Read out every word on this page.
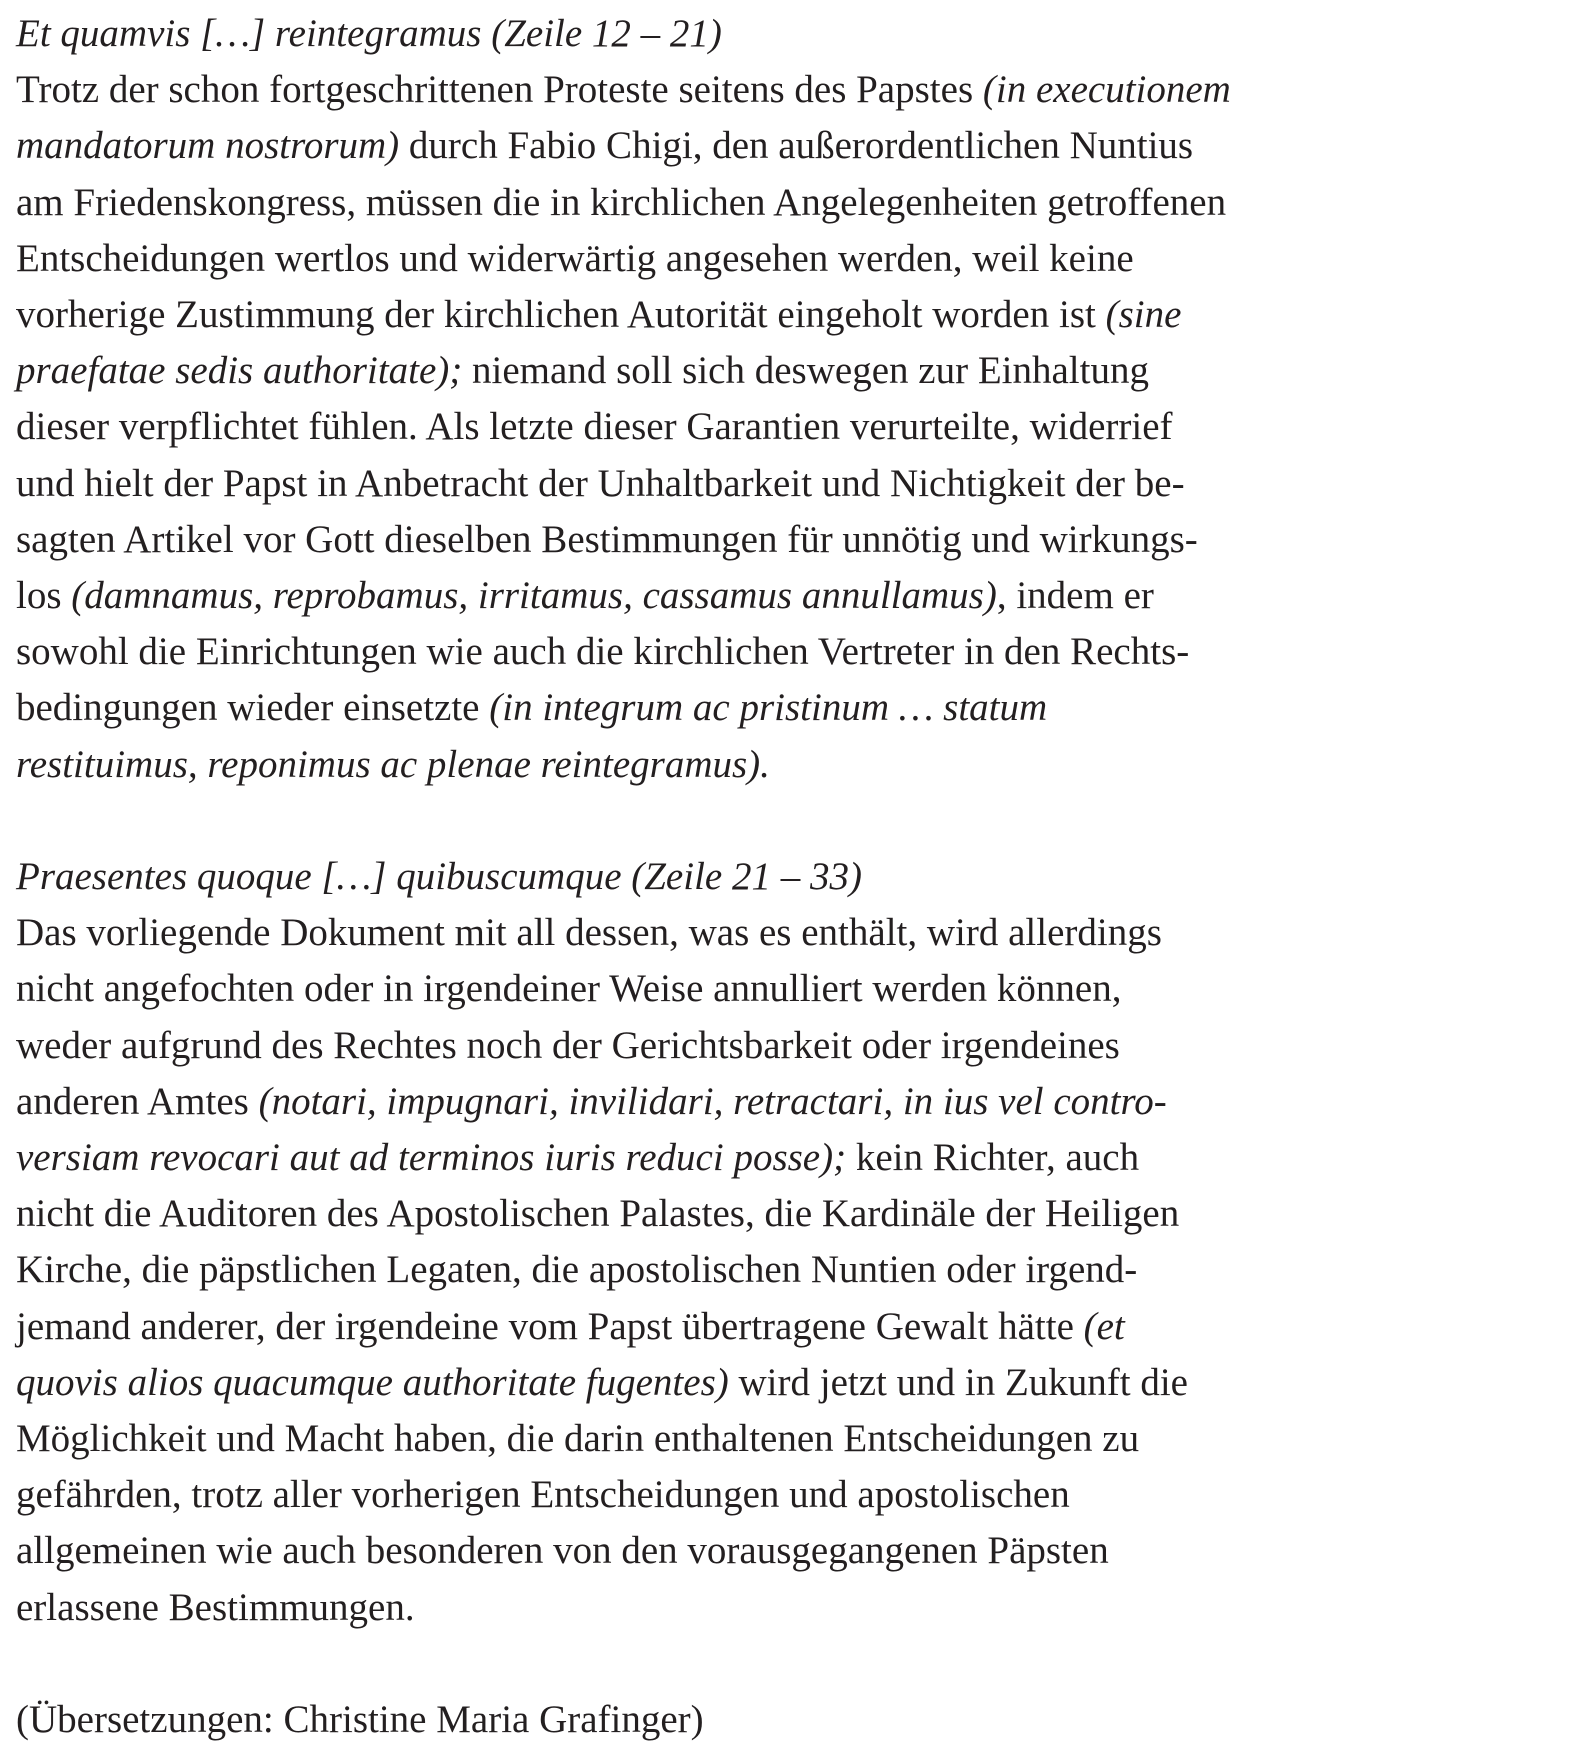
Et quamvis […] reintegramus (Zeile 12 – 21)
Trotz der schon fortgeschrittenen Proteste seitens des Papstes (in executionem
mandatorum nostrorum) durch Fabio Chigi, den außerordentlichen Nuntius
am Friedenskongress, müssen die in kirchlichen Angelegenheiten getroffenen
Entscheidungen wertlos und widerwärtig angesehen werden, weil keine
vorherige Zustimmung der kirchlichen Autorität eingeholt worden ist (sine
praefatae sedis authoritate); niemand soll sich deswegen zur Einhaltung
dieser verpflichtet fühlen. Als letzte dieser Garantien verurteilte, widerrief
und hielt der Papst in Anbetracht der Unhaltbarkeit und Nichtigkeit der be-
sagten Artikel vor Gott dieselben Bestimmungen für unnötig und wirkungs-
los (damnamus, reprobamus, irritamus, cassamus annullamus), indem er
sowohl die Einrichtungen wie auch die kirchlichen Vertreter in den Rechts-
bedingungen wieder einsetzte (in integrum ac pristinum … statum
restituimus, reponimus ac plenae reintegramus).
Praesentes quoque […] quibuscumque (Zeile 21 – 33)
Das vorliegende Dokument mit all dessen, was es enthält, wird allerdings
nicht angefochten oder in irgendeiner Weise annulliert werden können,
weder aufgrund des Rechtes noch der Gerichtsbarkeit oder irgendeines
anderen Amtes (notari, impugnari, invilidari, retractari, in ius vel contro-
versiam revocari aut ad terminos iuris reduci posse); kein Richter, auch
nicht die Auditoren des Apostolischen Palastes, die Kardinäle der Heiligen
Kirche, die päpstlichen Legaten, die apostolischen Nuntien oder irgend-
jemand anderer, der irgendeine vom Papst übertragene Gewalt hätte (et
quovis alios quacumque authoritate fugentes) wird jetzt und in Zukunft die
Möglichkeit und Macht haben, die darin enthaltenen Entscheidungen zu
gefährden, trotz aller vorherigen Entscheidungen und apostolischen
allgemeinen wie auch besonderen von den vorausgegangenen Päpsten
erlassene Bestimmungen.
(Übersetzungen: Christine Maria Grafinger)
